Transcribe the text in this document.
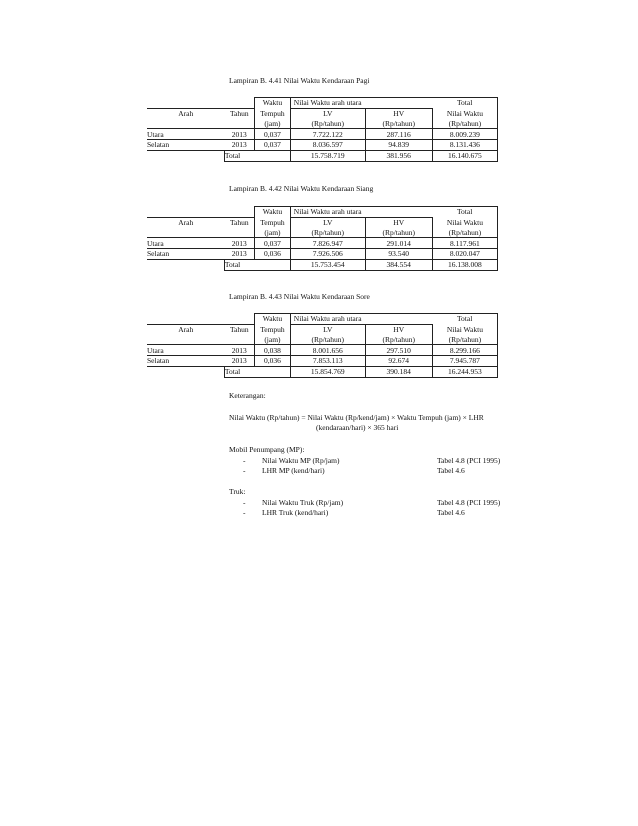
Lampiran B. 4.41 Nilai Waktu Kendaraan Pagi
		Waktu	Nilai Waktu arah utara		Total
Arah	Tahun	Tempuh	LV	HV	Nilai Waktu
		(jam)	(Rp/tahun)	(Rp/tahun)	(Rp/tahun)
Utara	2013	0,037	7.722.122	287.116	8.009.239
Selatan	2013	0,037	8.036.597	94.839	8.131.436
	Total		15.758.719	381.956	16.140.675
Lampiran B. 4.42 Nilai Waktu Kendaraan Siang
		Waktu	Nilai Waktu arah utara		Total
Arah	Tahun	Tempuh	LV	HV	Nilai Waktu
		(jam)	(Rp/tahun)	(Rp/tahun)	(Rp/tahun)
Utara	2013	0,037	7.826.947	291.014	8.117.961
Selatan	2013	0,036	7.926.506	93.540	8.020.047
	Total		15.753.454	384.554	16.138.008
Lampiran B. 4.43 Nilai Waktu Kendaraan Sore
		Waktu	Nilai Waktu arah utara		Total
Arah	Tahun	Tempuh	LV	HV	Nilai Waktu
		(jam)	(Rp/tahun)	(Rp/tahun)	(Rp/tahun)
Utara	2013	0,038	8.001.656	297.510	8.299.166
Selatan	2013	0,036	7.853.113	92.674	7.945.787
	Total		15.854.769	390.184	16.244.953
Keterangan:
Nilai Waktu (Rp/tahun) = Nilai Waktu (Rp/kend/jam) × Waktu Tempuh (jam) × LHR
(kendaraan/hari) × 365 hari
Mobil Penumpang (MP):
- Nilai Waktu MP (Rp/jam)	Tabel 4.8 (PCI 1995)
- LHR MP (kend/hari)	Tabel 4.6
Truk:
- Nilai Waktu Truk (Rp/jam)	Tabel 4.8 (PCI 1995)
- LHR Truk (kend/hari)	Tabel 4.6
